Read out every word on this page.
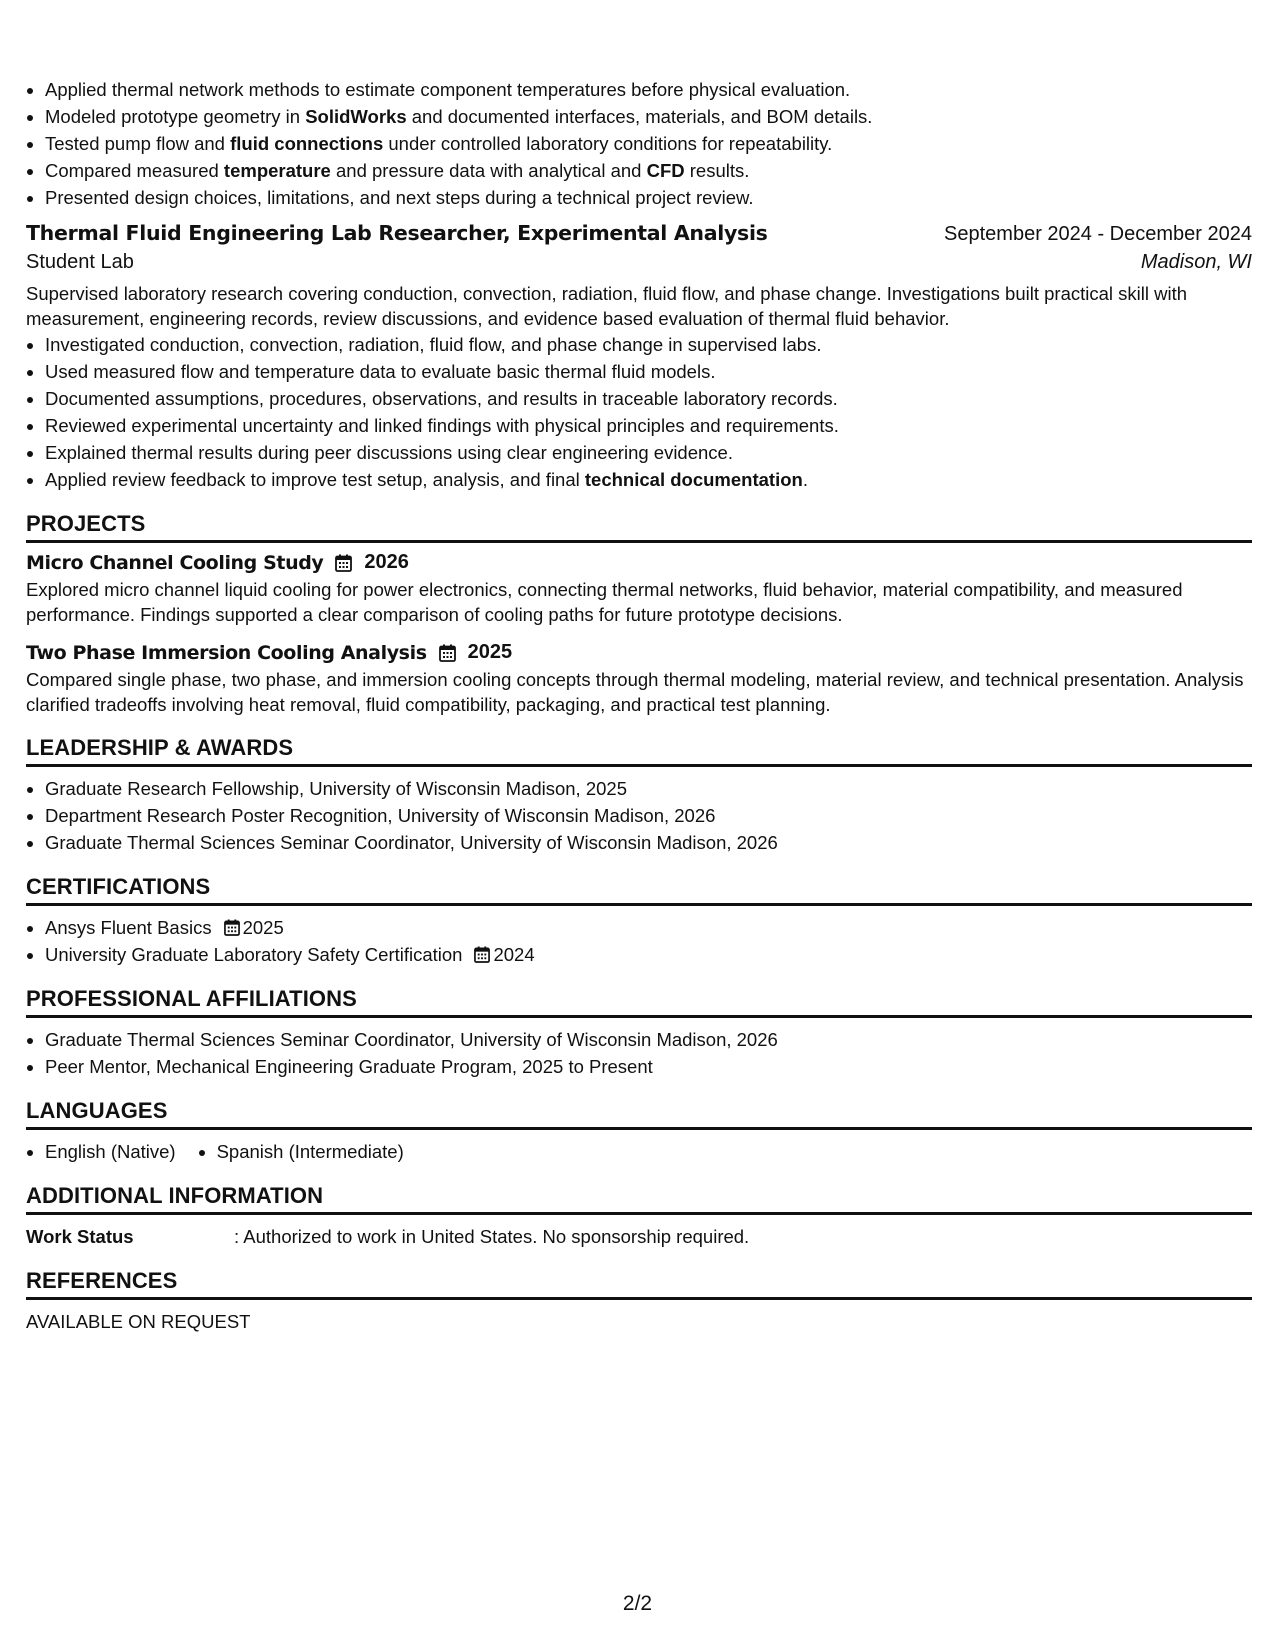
• Applied thermal network methods to estimate component temperatures before physical evaluation.
• Modeled prototype geometry in SolidWorks and documented interfaces, materials, and BOM details.
• Tested pump flow and fluid connections under controlled laboratory conditions for repeatability.
• Compared measured temperature and pressure data with analytical and CFD results.
• Presented design choices, limitations, and next steps during a technical project review.
Thermal Fluid Engineering Lab Researcher, Experimental Analysis	September 2024 - December 2024
Student Lab	Madison, WI

Supervised laboratory research covering conduction, convection, radiation, fluid flow, and phase change. Investigations built practical skill with measurement, engineering records, review discussions, and evidence based evaluation of thermal fluid behavior.

• Investigated conduction, convection, radiation, fluid flow, and phase change in supervised labs.
• Used measured flow and temperature data to evaluate basic thermal fluid models.
• Documented assumptions, procedures, observations, and results in traceable laboratory records.
• Reviewed experimental uncertainty and linked findings with physical principles and requirements.
• Explained thermal results during peer discussions using clear engineering evidence.
• Applied review feedback to improve test setup, analysis, and final technical documentation.
PROJECTS
Micro Channel Cooling Study 2026

Explored micro channel liquid cooling for power electronics, connecting thermal networks, fluid behavior, material compatibility, and measured performance. Findings supported a clear comparison of cooling paths for future prototype decisions.

Two Phase Immersion Cooling Analysis 2025

Compared single phase, two phase, and immersion cooling concepts through thermal modeling, material review, and technical presentation. Analysis clarified tradeoffs involving heat removal, fluid compatibility, packaging, and practical test planning.

LEADERSHIP & AWARDS
• Graduate Research Fellowship, University of Wisconsin Madison, 2025
• Department Research Poster Recognition, University of Wisconsin Madison, 2026
• Graduate Thermal Sciences Seminar Coordinator, University of Wisconsin Madison, 2026
CERTIFICATIONS
• Ansys Fluent Basics 2025
• University Graduate Laboratory Safety Certification 2024
PROFESSIONAL AFFILIATIONS
• Graduate Thermal Sciences Seminar Coordinator, University of Wisconsin Madison, 2026
• Peer Mentor, Mechanical Engineering Graduate Program, 2025 to Present
LANGUAGES
• English (Native)
• Spanish (Intermediate)
ADDITIONAL INFORMATION
Work Status	: Authorized to work in United States. No sponsorship required.
REFERENCES
AVAILABLE ON REQUEST
2/2
